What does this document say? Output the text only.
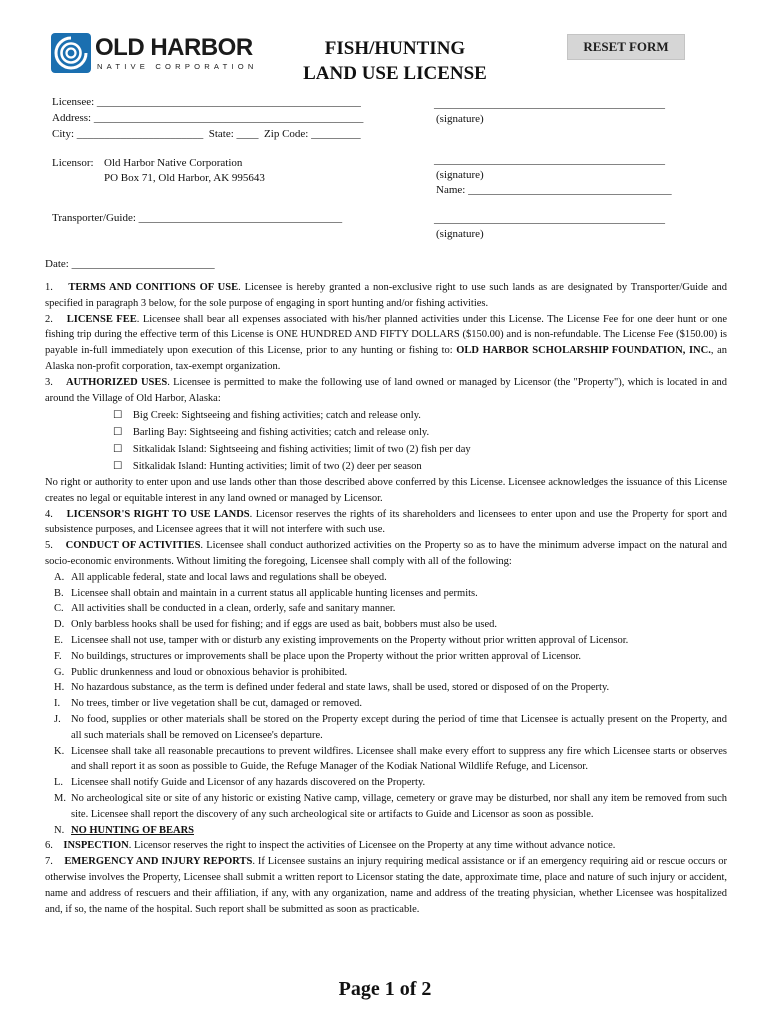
OLD HARBOR
NATIVE CORPORATION
FISH/HUNTING
LAND USE LICENSE
RESET FORM
Licensee: ________________________________________________
Address: _________________________________________________
City: _______________________  State: ____  Zip Code: _________
__________________________________________
(signature)
Licensor: Old Harbor Native Corporation
PO Box 71, Old Harbor, AK 995643
__________________________________________
(signature)
Name: _____________________________________
Transporter/Guide: _____________________________________	__________________________________________
(signature)
Date: __________________________

1. TERMS AND CONITIONS OF USE. Licensee is hereby granted a non-exclusive right to use such lands as are designated by Transporter/Guide and specified in paragraph 3 below, for the sole purpose of engaging in sport hunting and/or fishing activities.

2. LICENSE FEE. Licensee shall bear all expenses associated with his/her planned activities under this License. The License Fee for one deer hunt or one fishing trip during the effective term of this License is ONE HUNDRED AND FIFTY DOLLARS ($150.00) and is non-refundable. The License Fee ($150.00) is payable in-full immediately upon execution of this License, prior to any hunting or fishing to: OLD HARBOR SCHOLARSHIP FOUNDATION, INC., an Alaska non-profit corporation, tax-exempt organization.

3. AUTHORIZED USES. Licensee is permitted to make the following use of land owned or managed by Licensor (the "Property"), which is located in and around the Village of Old Harbor, Alaska:

☐ Big Creek: Sightseeing and fishing activities; catch and release only.
☐ Barling Bay: Sightseeing and fishing activities; catch and release only.
☐ Sitkalidak Island: Sightseeing and fishing activities; limit of two (2) fish per day
☐ Sitkalidak Island: Hunting activities; limit of two (2) deer per season

No right or authority to enter upon and use lands other than those described above conferred by this License. Licensee acknowledges the issuance of this License creates no legal or equitable interest in any land owned or managed by Licensor.

4. LICENSOR'S RIGHT TO USE LANDS. Licensor reserves the rights of its shareholders and licensees to enter upon and use the Property for sport and subsistence purposes, and Licensee agrees that it will not interfere with such use.

5. CONDUCT OF ACTIVITIES. Licensee shall conduct authorized activities on the Property so as to have the minimum adverse impact on the natural and socio-economic environments. Without limiting the foregoing, Licensee shall comply with all of the following:

A. All applicable federal, state and local laws and regulations shall be obeyed.

B. Licensee shall obtain and maintain in a current status all applicable hunting licenses and permits.

C. All activities shall be conducted in a clean, orderly, safe and sanitary manner.

D. Only barbless hooks shall be used for fishing; and if eggs are used as bait, bobbers must also be used.

E. Licensee shall not use, tamper with or disturb any existing improvements on the Property without prior written approval of Licensor.

F. No buildings, structures or improvements shall be place upon the Property without the prior written approval of Licensor.

G. Public drunkenness and loud or obnoxious behavior is prohibited.

H. No hazardous substance, as the term is defined under federal and state laws, shall be used, stored or disposed of on the Property.

I. No trees, timber or live vegetation shall be cut, damaged or removed.

J. No food, supplies or other materials shall be stored on the Property except during the period of time that Licensee is actually present on the Property, and all such materials shall be removed on Licensee's departure.

K. Licensee shall take all reasonable precautions to prevent wildfires. Licensee shall make every effort to suppress any fire which Licensee starts or observes and shall report it as soon as possible to Guide, the Refuge Manager of the Kodiak National Wildlife Refuge, and Licensor.

L. Licensee shall notify Guide and Licensor of any hazards discovered on the Property.

M. No archeological site or site of any historic or existing Native camp, village, cemetery or grave may be disturbed, nor shall any item be removed from such site. Licensee shall report the discovery of any such archeological site or artifacts to Guide and Licensor as soon as possible.

N. NO HUNTING OF BEARS

6. INSPECTION. Licensor reserves the right to inspect the activities of Licensee on the Property at any time without advance notice.

7. EMERGENCY AND INJURY REPORTS. If Licensee sustains an injury requiring medical assistance or if an emergency requiring aid or rescue occurs or otherwise involves the Property, Licensee shall submit a written report to Licensor stating the date, approximate time, place and nature of such injury or accident, name and address of rescuers and their affiliation, if any, with any organization, name and address of the treating physician, whether Licensee was hospitalized and, if so, the name of the hospital. Such report shall be submitted as soon as practicable.

Page 1 of 2
